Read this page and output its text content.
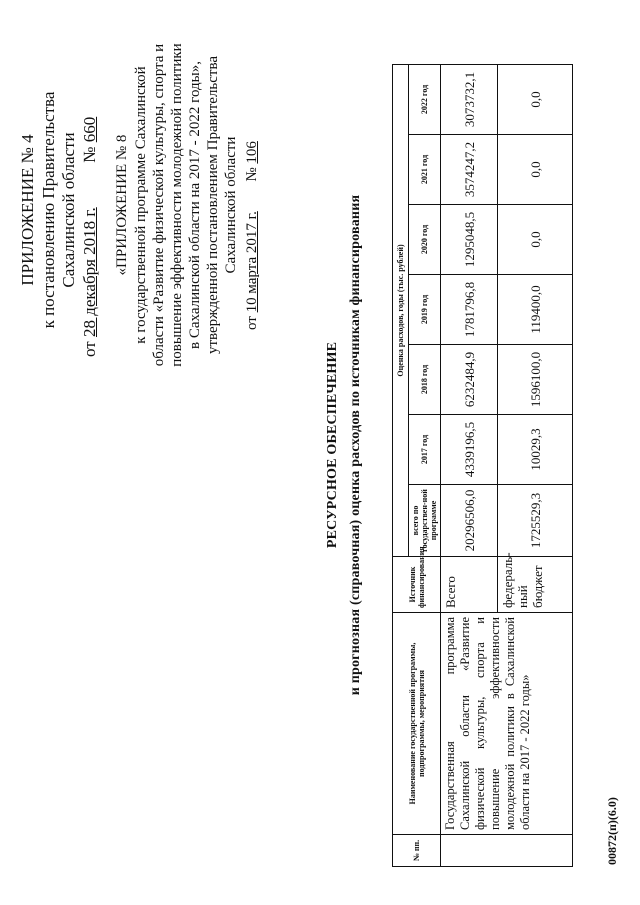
ПРИЛОЖЕНИЕ № 4 к постановлению Правительства Сахалинской области
от 28 декабря 2018 г.  № 660
«ПРИЛОЖЕНИЕ № 8 к государственной программе Сахалинской области «Развитие физической культуры, спорта и повышение эффективности молодежной политики в Сахалинской области на 2017 - 2022 годы», утвержденной постановлением Правительства Сахалинской области
от 10 марта 2017 г.  № 106
РЕСУРСНОЕ ОБЕСПЕЧЕНИЕ и прогнозная (справочная) оценка расходов по источникам финансирования
№ пп.	Наименование государственной программы, подпрограммы, мероприятия	Источник финансирования	Оценка расходов, годы (тыс. рублей)						
			всего по государствен-ной программе	2017 год	2018 год	2019 год	2020 год	2021 год	2022 год
	Государственная программа Сахалинской области «Развитие физической культуры, спорта и повышение эффективности молодежной политики в Сахалинской области на 2017 - 2022 годы»	Всего	20296506,0	4339196,5	6232484,9	1781796,8	1295048,5	3574247,2	3073732,1
		федераль-ный бюджет	1725529,3	10029,3	1596100,0	119400,0	0,0	0,0	0,0
00872(п)(6.0)
